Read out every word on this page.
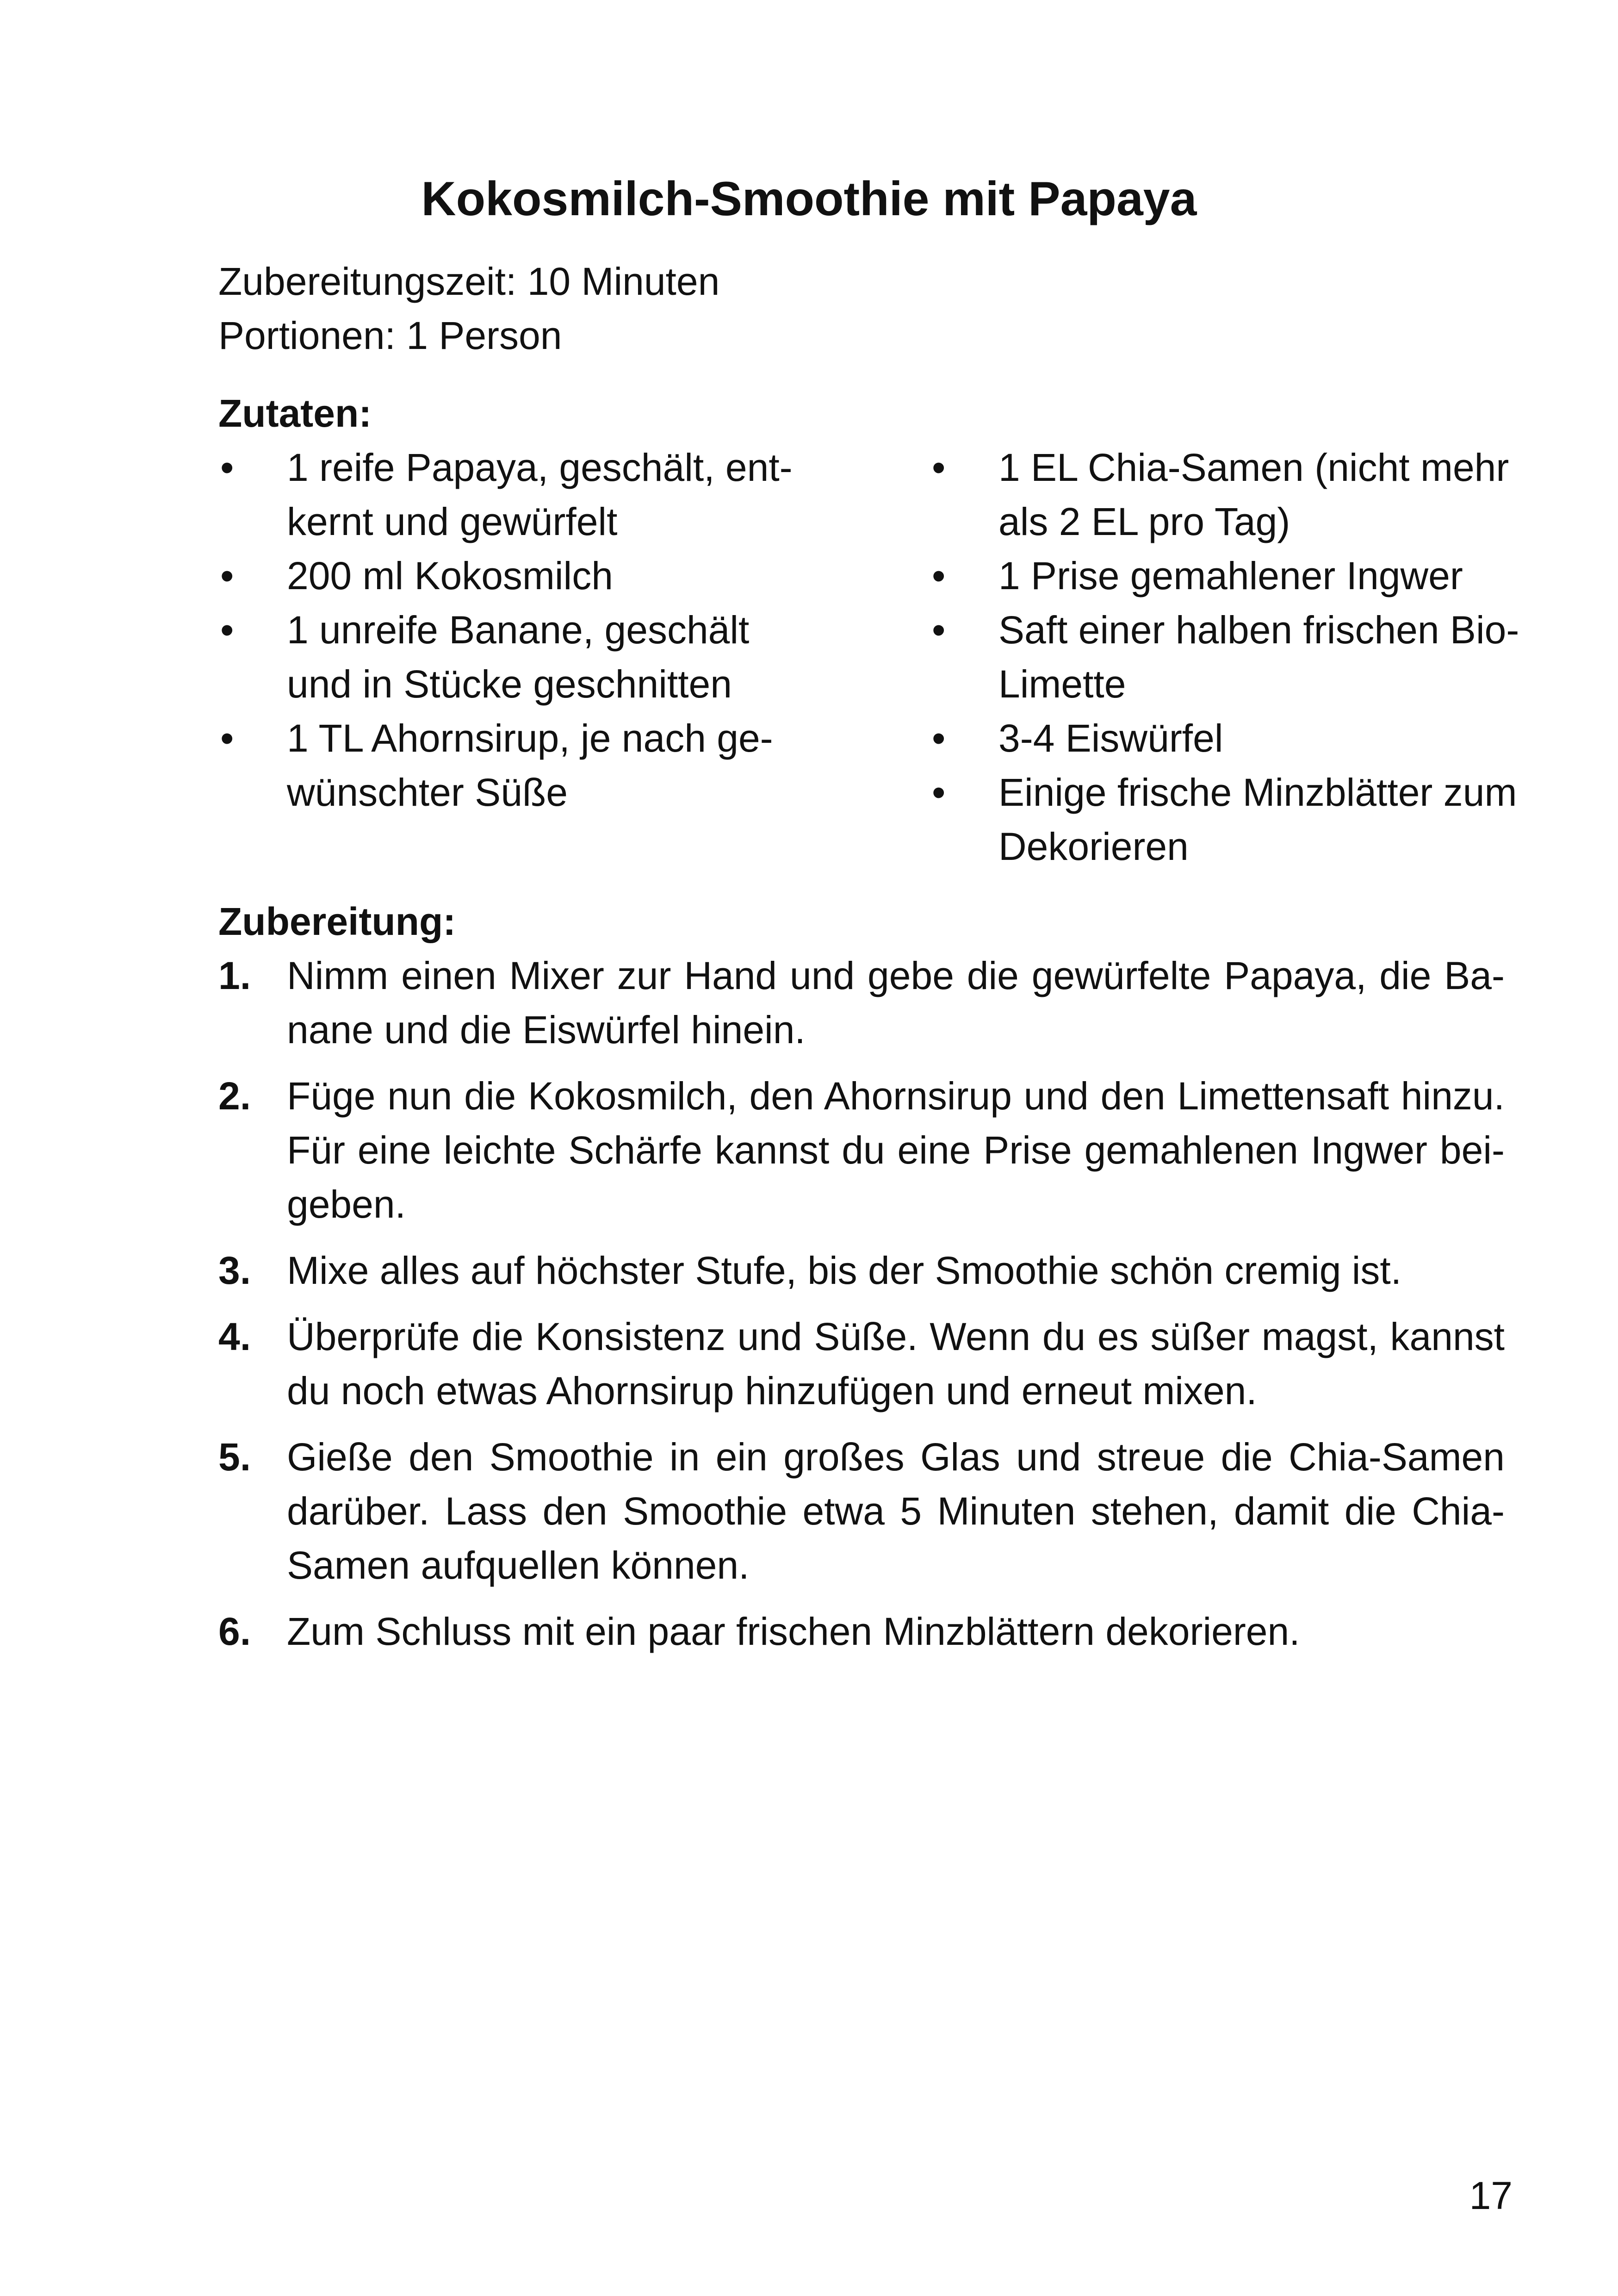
Kokosmilch-Smoothie mit Papaya
Zubereitungszeit: 10 Minuten
Portionen: 1 Person
Zutaten:
• 1 reife Papaya, geschält, ent-kernt und gewürfelt
• 200 ml Kokosmilch
• 1 unreife Banane, geschält und in Stücke geschnitten
• 1 TL Ahornsirup, je nach ge-wünschter Süße
• 1 EL Chia-Samen (nicht mehr als 2 EL pro Tag)
• 1 Prise gemahlener Ingwer
• Saft einer halben frischen Bio-Limette
• 3-4 Eiswürfel
• Einige frische Minzblätter zum Dekorieren
Zubereitung:
1. Nimm einen Mixer zur Hand und gebe die gewürfelte Papaya, die Ba-nane und die Eiswürfel hinein.
2. Füge nun die Kokosmilch, den Ahornsirup und den Limettensaft hinzu. Für eine leichte Schärfe kannst du eine Prise gemahlenen Ingwer bei-geben.
3. Mixe alles auf höchster Stufe, bis der Smoothie schön cremig ist.
4. Überprüfe die Konsistenz und Süße. Wenn du es süßer magst, kannst du noch etwas Ahornsirup hinzufügen und erneut mixen.
5. Gieße den Smoothie in ein großes Glas und streue die Chia-Samen darüber. Lass den Smoothie etwa 5 Minuten stehen, damit die Chia-Samen aufquellen können.
6. Zum Schluss mit ein paar frischen Minzblättern dekorieren.
17
